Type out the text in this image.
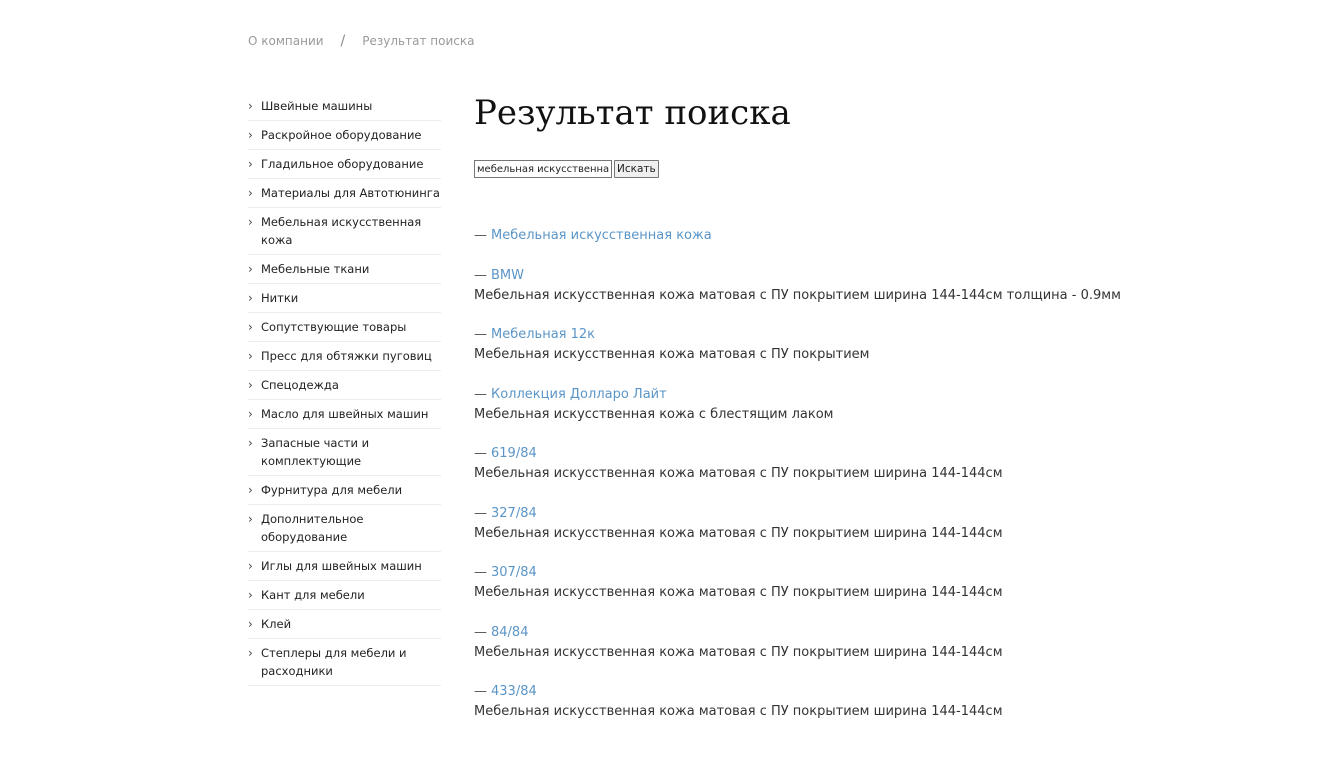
О компании / Результат поиска
› Швейные машины
› Раскройное оборудование
› Гладильное оборудование
› Материалы для Автотюнинга
› Мебельная искусственная кожа
› Мебельные ткани
› Нитки
› Сопутствующие товары
› Пресс для обтяжки пуговиц
› Спецодежда
› Масло для швейных машин
› Запасные части и комплектующие
› Фурнитура для мебели
› Дополнительное оборудование
› Иглы для швейных машин
› Кант для мебели
› Клей
› Степлеры для мебели и расходники
Результат поиска
мебельная искусственная кожа
Искать
— Мебельная искусственная кожа
— BMW
Мебельная искусственная кожа матовая с ПУ покрытием ширина 144-144см толщина - 0.9мм
— Мебельная 12к
Мебельная искусственная кожа матовая с ПУ покрытием
— Коллекция Долларо Лайт
Мебельная искусственная кожа с блестящим лаком
— 619/84
Мебельная искусственная кожа матовая с ПУ покрытием ширина 144-144см
— 327/84
Мебельная искусственная кожа матовая с ПУ покрытием ширина 144-144см
— 307/84
Мебельная искусственная кожа матовая с ПУ покрытием ширина 144-144см
— 84/84
Мебельная искусственная кожа матовая с ПУ покрытием ширина 144-144см
— 433/84
Мебельная искусственная кожа матовая с ПУ покрытием ширина 144-144см
